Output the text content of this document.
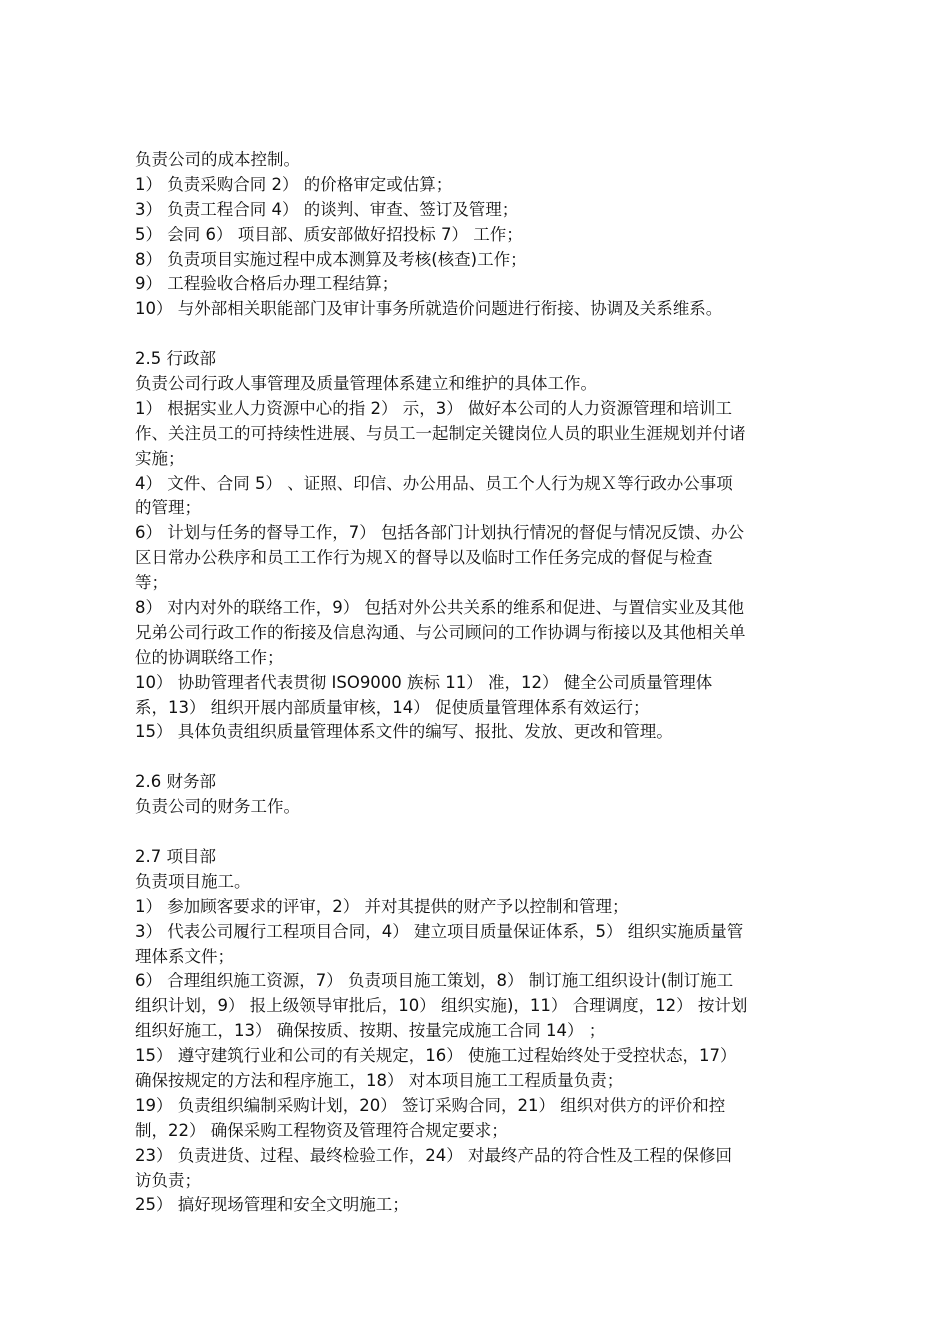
负责公司的成本控制。
1） 负责采购合同 2） 的价格审定或估算；
3） 负责工程合同 4） 的谈判、审查、签订及管理；
5） 会同 6） 项目部、质安部做好招投标 7） 工作；
8） 负责项目实施过程中成本测算及考核(核查)工作；
9） 工程验收合格后办理工程结算；
10） 与外部相关职能部门及审计事务所就造价问题进行衔接、协调及关系维系。
2.5 行政部
负责公司行政人事管理及质量管理体系建立和维护的具体工作。
1） 根据实业人力资源中心的指 2） 示，3） 做好本公司的人力资源管理和培训工
作、关注员工的可持续性进展、与员工一起制定关键岗位人员的职业生涯规划并付诸
实施；
4） 文件、合同 5） 、证照、印信、办公用品、员工个人行为规Ｘ等行政办公事项
的管理；
6） 计划与任务的督导工作，7） 包括各部门计划执行情况的督促与情况反馈、办公
区日常办公秩序和员工工作行为规Ｘ的督导以及临时工作任务完成的督促与检查
等；
8） 对内对外的联络工作，9） 包括对外公共关系的维系和促进、与置信实业及其他
兄弟公司行政工作的衔接及信息沟通、与公司顾问的工作协调与衔接以及其他相关单
位的协调联络工作；
10） 协助管理者代表贯彻 ISO9000 族标 11） 准，12） 健全公司质量管理体
系，13） 组织开展内部质量审核，14） 促使质量管理体系有效运行；
15） 具体负责组织质量管理体系文件的编写、报批、发放、更改和管理。
2.6 财务部
负责公司的财务工作。
2.7 项目部
负责项目施工。
1） 参加顾客要求的评审，2） 并对其提供的财产予以控制和管理；
3） 代表公司履行工程项目合同，4） 建立项目质量保证体系，5） 组织实施质量管
理体系文件；
6） 合理组织施工资源，7） 负责项目施工策划，8） 制订施工组织设计(制订施工
组织计划，9） 报上级领导审批后，10） 组织实施)，11） 合理调度，12） 按计划
组织好施工，13） 确保按质、按期、按量完成施工合同 14） ；
15） 遵守建筑行业和公司的有关规定，16） 使施工过程始终处于受控状态，17）
确保按规定的方法和程序施工，18） 对本项目施工工程质量负责；
19） 负责组织编制采购计划，20） 签订采购合同，21） 组织对供方的评价和控
制，22） 确保采购工程物资及管理符合规定要求；
23） 负责进货、过程、最终检验工作，24） 对最终产品的符合性及工程的保修回
访负责；
25） 搞好现场管理和安全文明施工；
